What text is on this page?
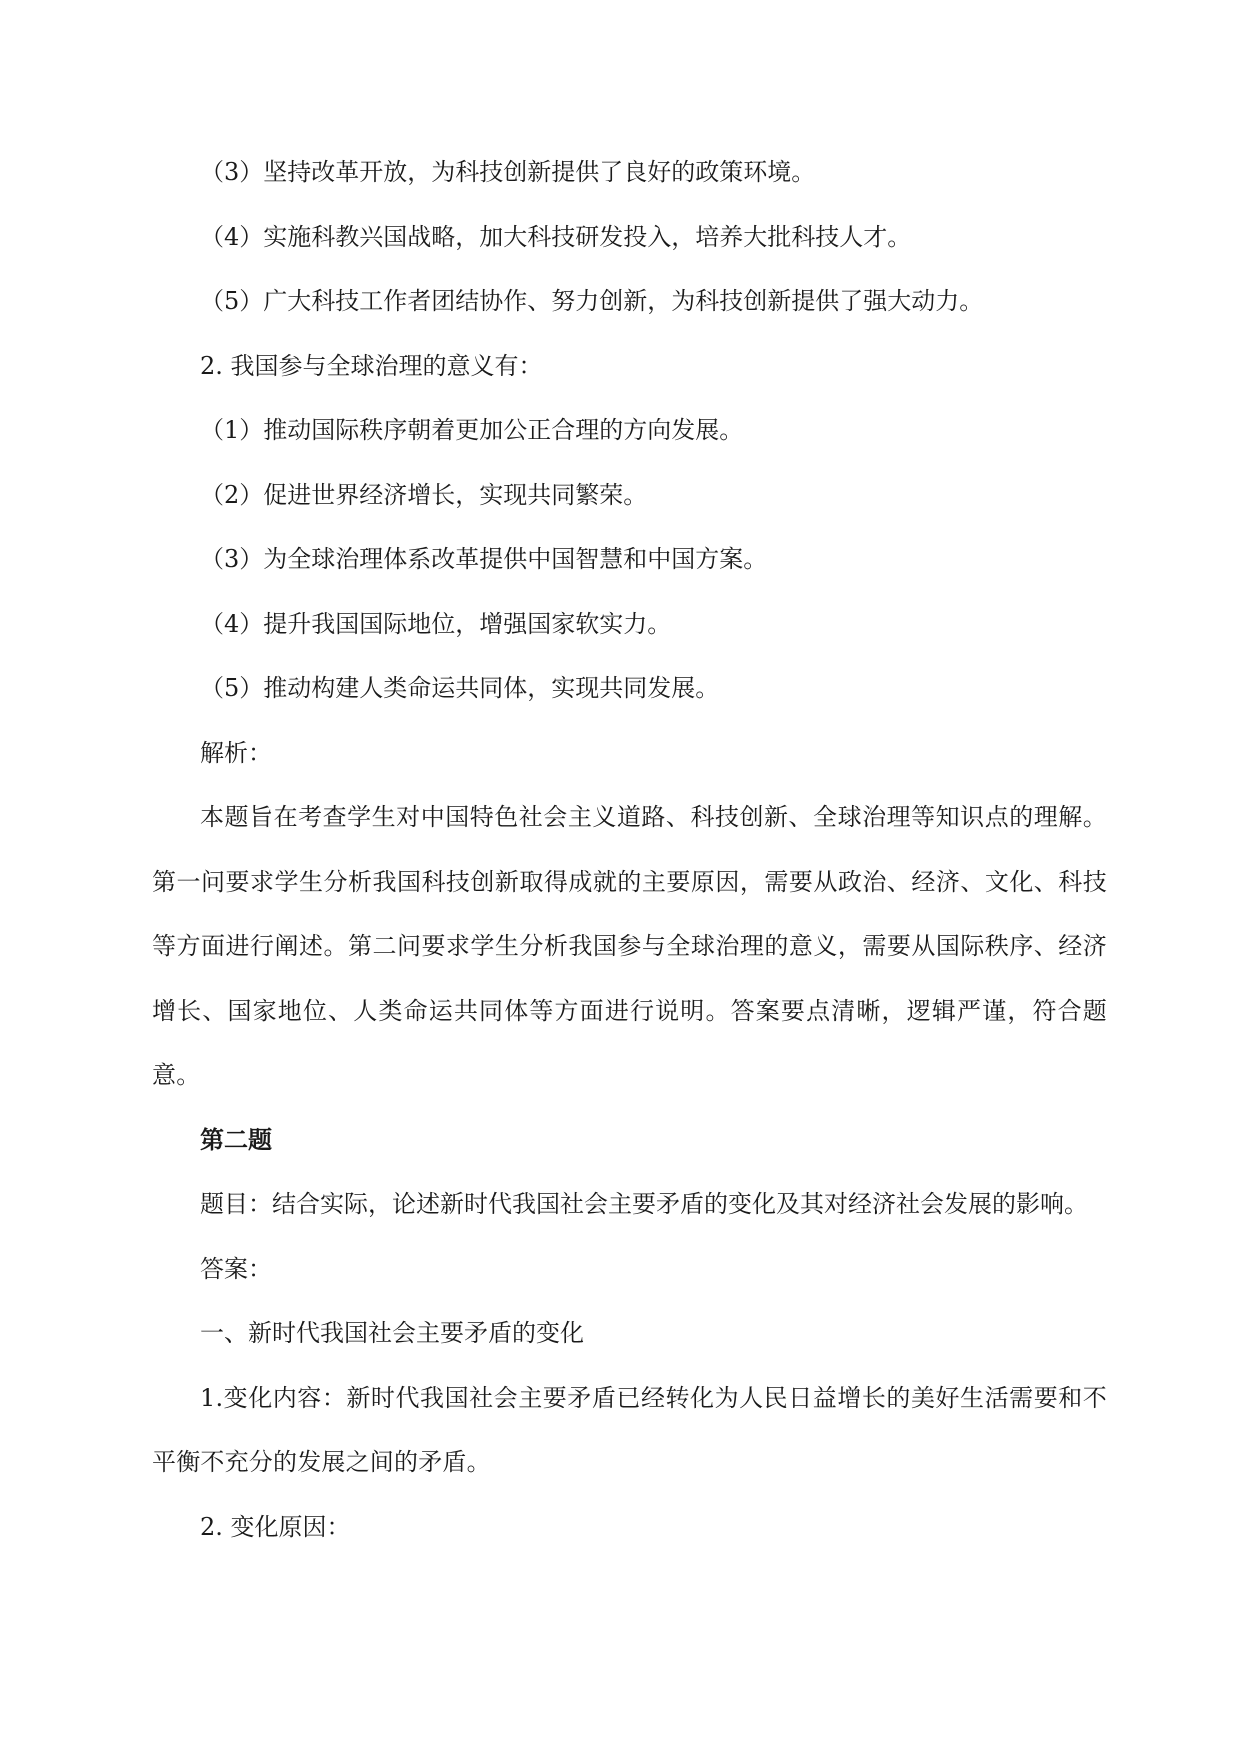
（3）坚持改革开放，为科技创新提供了良好的政策环境。

（4）实施科教兴国战略，加大科技研发投入，培养大批科技人才。

（5）广大科技工作者团结协作、努力创新，为科技创新提供了强大动力。

2. 我国参与全球治理的意义有：

（1）推动国际秩序朝着更加公正合理的方向发展。

（2）促进世界经济增长，实现共同繁荣。

（3）为全球治理体系改革提供中国智慧和中国方案。

（4）提升我国国际地位，增强国家软实力。

（5）推动构建人类命运共同体，实现共同发展。

解析：

本题旨在考查学生对中国特色社会主义道路、科技创新、全球治理等知识点的理解。第一问要求学生分析我国科技创新取得成就的主要原因，需要从政治、经济、文化、科技等方面进行阐述。第二问要求学生分析我国参与全球治理的意义，需要从国际秩序、经济增长、国家地位、人类命运共同体等方面进行说明。答案要点清晰，逻辑严谨，符合题意。

第二题

题目：结合实际，论述新时代我国社会主要矛盾的变化及其对经济社会发展的影响。

答案：

一、新时代我国社会主要矛盾的变化

1.变化内容：新时代我国社会主要矛盾已经转化为人民日益增长的美好生活需要和不平衡不充分的发展之间的矛盾。

2. 变化原因：
